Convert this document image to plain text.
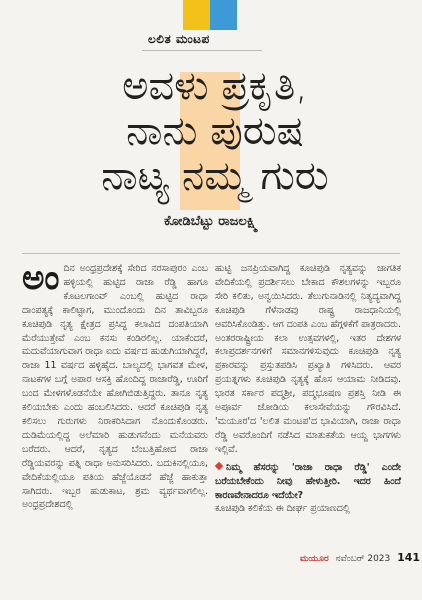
ಲಲಿತ ಮಂಟಪ
ಅವಳು ಪ್ರಕೃತಿ,
ನಾನು ಪುರುಷ
ನಾಟ್ಯ ನಮ್ಮ ಗುರು
ಕೋಡಿಬೆಟ್ಟು ರಾಜಲಕ್ಷ್ಮಿ

ಅಂ ದಿನ ಅಂಧ್ರಪ್ರದೇಶಕ್ಕೆ ಸೇರಿದ ನರಸಾಪುರಂ ಎಂಬ ಹಳ್ಳಿಯಲ್ಲಿ ಹುಟ್ಟಿದ ರಾಜಾ ರೆಡ್ಡಿ ಹಾಗೂ ಕೊಟಲಗಾಂವ್ ಎಂಬಲ್ಲಿ ಹುಟ್ಟಿದ ರಾಧಾ ದಾಂಪತ್ಯಕ್ಕೆ ಕಾಲಿಟ್ಟಾಗ, ಮುಂದೊಂದು ದಿನ ತಾವಿಬ್ಬರೂ ಕೂಚಿಪುಡಿ ನೃತ್ಯ ಕ್ಷೇತ್ರದ ಪ್ರಸಿದ್ಧ ಕಲಾವಿದ ದಂಪತಿಯಾಗಿ ಮೆರೆಯುತ್ತೇವೆ ಎಂಬ ಕನಸು ಕಂಡಿರಲಿಲ್ಲ. ಯಾಕೆಂದರೆ, ಮದುವೆಯಾಗುವಾಗ ರಾಧಾ ಐದು ವರ್ಷದ ಹುಡುಗಿಯಾಗಿದ್ದರೆ, ರಾಜಾ 11 ವರ್ಷದ ಹಳ್ಳಿಹೈದ. ಬಾಲ್ಯದಲ್ಲಿ ಭಾಗವತ ಮೇಳ, ನಾಟಕಗಳ ಬಗ್ಗೆ ಅಪಾರ ಆಸಕ್ತಿ ಹೊಂದಿದ್ದ ರಾಜಾರೆಡ್ಡಿ, ಊರಿಗೆ ಬಂದ ಮೇಳಗಳೊಡನೆಯೇ ಹೋಗಿಬಿಡುತ್ತಿದ್ದರು. ತಾನೂ ನೃತ್ಯ ಕಲಿಯಬೇಕು ಎಂದು ಹಂಬಲಿಸಿದರು. ಆದರೆ ಕೂಚಿಪುಡಿ ನೃತ್ಯ ಕಲಿಸಲು ಗುರುಗಳು ನಿರಾಕರಿಸಿದಾಗ ನೊಂದುಕೊಂಡರು. ದುಡಿಮೆಯಲ್ಲಿದ್ದ ಅಲೆಮಾರಿ ಹುಡುಗನೆಂದು ಮನೆಯವರು ಬರೆದರು. ಆದರೆ, ನೃತ್ಯದ ಬೆಂಬತ್ತಿಹೋದ ರಾಜಾ ರೆಡ್ಡಿಯವರನ್ನು ಪತ್ನಿ ರಾಧಾ ಅನುಸರಿಸಿದರು. ಬದುಕಿನಲ್ಲಿಯೂ, ವೇದಿಕೆಯಲ್ಲಿಯೂ ಪತಿಯ ಹೆಜ್ಜೆಯೊಡನೆ ಹೆಜ್ಜೆ ಹಾಕುತ್ತಾ ಸಾಗಿದರು. ಇಬ್ಬರ ಹುಡುಕಾಟ, ಶ್ರಮ ವ್ಯರ್ಥವಾಗಲಿಲ್ಲ. ಅಂಧ್ರಪ್ರದೇಶದಲ್ಲಿ

ಹುಟ್ಟಿ ಜನಪ್ರಿಯವಾಗಿದ್ದ ಕೂಚಿಪುಡಿ ನೃತ್ಯವನ್ನು ಜಾಗತಿಕ ವೇದಿಕೆಯಲ್ಲಿ ಪ್ರದರ್ಶಿಸಲು ಬೇಕಾದ ಕೌಶಲಗಳನ್ನು ಇಬ್ಬರೂ ಸೇರಿ ಕಲಿತು, ಅನ್ವಯಿಸಿದರು. ತೆಲುಗುನಾಡಿನಲ್ಲಿ ನಿತ್ಯದ್ಯವಾಗಿದ್ದ ಕೂಚಿಪುಡಿ ಗೆಳೆನಾಡವು ರಾಷ್ಟ್ರ ರಾಜಧಾನಿಯಲ್ಲಿ ಆವರಿಸಿಕೊಂಡಿತ್ತು. ಆಗ ದಂಪತಿ ಎಂಬ ಹೆಗ್ಗಳಿಕೆಗೆ ಪಾತ್ರರಾದರು. ಅಂತರರಾಷ್ಟ್ರೀಯ ಕಲಾ ಉತ್ಸವಗಳಲ್ಲಿ, ಇತರ ದೇಶಗಳ ಕಲಾಪ್ರದರ್ಶನಗಳಿಗೆ ಸಮಾನಗಳಿಸುವುದು ಕೂಚಿಪುಡಿ ನೃತ್ಯ ಪ್ರಕಾರವನ್ನು ಪ್ರಸ್ತುತಪಡಿಸಿ ಪ್ರಖ್ಯಾತಿ ಗಳಿಸಿದರು. ಆವರ ಪ್ರಯತ್ನಗಳು ಕೂಚಿಪುಡಿ ನೃತ್ಯಕ್ಕೆ ಹೊಸ ಆಯಾಮ ನೀಡಿದವು. ಭಾರತ ಸರ್ಕಾರ ಪದ್ಮಶ್ರೀ, ಪದ್ಮಭೂಷಣ ಪ್ರಶಸ್ತಿ ನೀಡಿ ಈ ಅಪೂರ್ವ ಜೋಡಿಯ ಕಲಾಸೇವೆಯನ್ನು ಗೌರವಿಸಿದೆ. 'ಮಯೂರ'ದ 'ಲಲಿತ ಮಂಟಪ'ದ ಭಾವಿಯಾಗಿ, ರಾಜಾ ರಾಧಾ ರೆಡ್ಡಿ ಅವರೊಂದಿಗೆ ನಡೆಸಿದ ಮಾತುಕತೆಯ ಆಯ್ದ ಭಾಗಗಳು ಇಲ್ಲಿವೆ.

ನಿಮ್ಮ ಹೆಸರನ್ನು 'ರಾಜಾ ರಾಧಾ ರೆಡ್ಡಿ' ಎಂದೇ ಬರೆಯಬೇಕೆಂದು ನೀವು ಹೇಳುತ್ತೀರಿ. ಇದರ ಹಿಂದೆ ಕಾರಣವೇನಾದರೂ ಇದೆಯೇ?

ಕೂಚಿಪುಡಿ ಕಲಿಕೆಯ ಈ ದೀರ್ಘ ಪ್ರಯಾಣದಲ್ಲಿ

ಮಯೂರ ನವೆಂಬರ್ 2023 141
